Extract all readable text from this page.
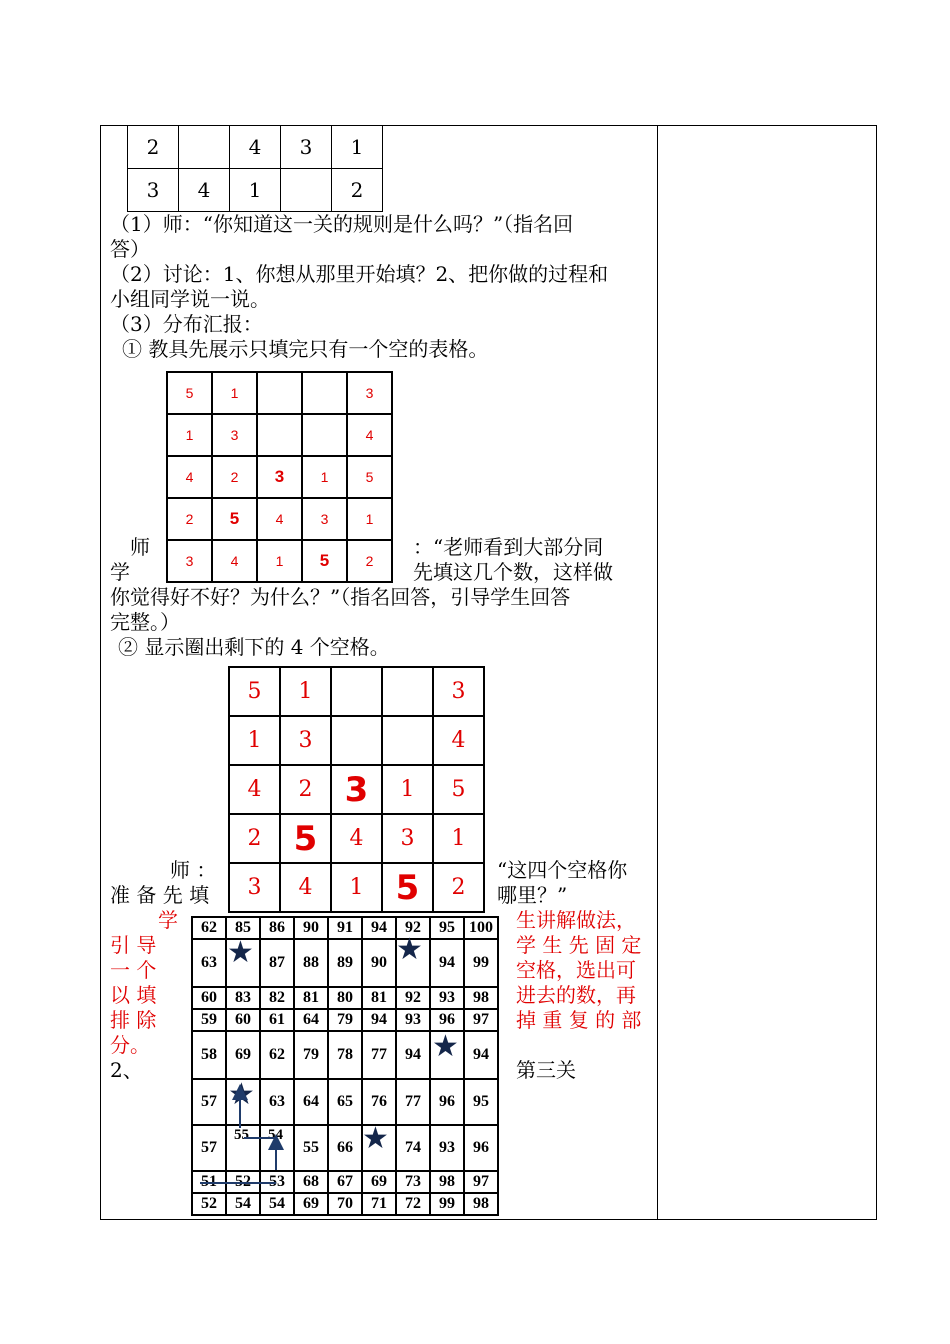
2		4	3	1
3	4	1		2
（1）师：“你知道这一关的规则是什么吗？”（指名回
答）
（2）讨论：1、你想从那里开始填？2、把你做的过程和
小组同学说一说。
（3）分布汇报：
① 教具先展示只填完只有一个空的表格。
5	1			3
1	3			4
4	2	3	1	5
2	5	4	3	1
3	4	1	5	2
师	：“老师看到大部分同
学	先填这几个数，这样做
你觉得好不好？为什么？”（指名回答，引导学生回答
完整。）
② 显示圈出剩下的 4 个空格。
5	1			3
1	3			4
4	2	3	1	5
2	5	4	3	1
3	4	1	5	2
师 ：	“这四个空格你
准 备 先 填	哪里？”
学	生讲解做法，
引 导	学 生 先 固 定
一 个	空格，选出可
以 填	进去的数，再
排 除	掉 重 复 的 部
分。
2、	第三关
62	85	86	90	91	94	92	95	100
63		87	88	89	90		94	99
60	83	82	81	80	81	92	93	98
59	60	61	64	79	94	93	96	97
58	69	62	79	78	77	94		94
57		63	64	65	76	77	96	95
57			55	66		74	93	96
51	52	53	68	67	69	73	98	97
52	54	54	69	70	71	72	99	98
★	★
★
★
★
55 54
